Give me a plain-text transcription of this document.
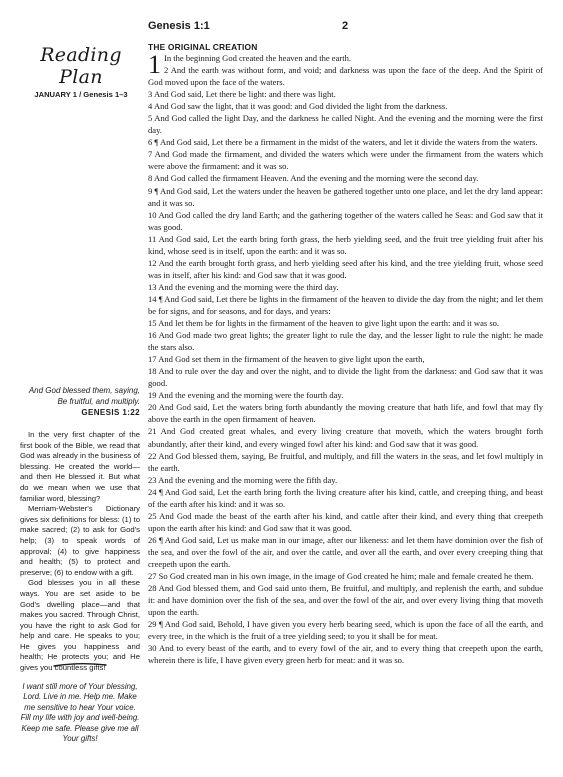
Genesis 1:1	2
Reading Plan
JANUARY 1 / Genesis 1–3
And God blessed them, saying, Be fruitful, and multiply.
GENESIS 1:22

In the very first chapter of the first book of the Bible, we read that God was already in the business of blessing. He created the world—and then He blessed it. But what do we mean when we use that familiar word, blessing?

Merriam-Webster's Dictionary gives six definitions for bless: (1) to make sacred; (2) to ask for God's help; (3) to speak words of approval; (4) to give happiness and health; (5) to protect and preserve; (6) to endow with a gift.

God blesses you in all these ways. You are set aside to be God's dwelling place—and that makes you sacred. Through Christ, you have the right to ask God for help and care. He speaks to you; He gives you happiness and health; He protects you; and He gives you countless gifts!

I want still more of Your blessing, Lord. Live in me. Help me. Make me sensitive to hear Your voice. Fill my life with joy and well-being. Keep me safe. Please give me all Your gifts!
THE ORIGINAL CREATION
1 In the beginning God created the heaven and the earth.
2 And the earth was without form, and void; and darkness was upon the face of the deep. And the Spirit of God moved upon the face of the waters.
3 And God said, Let there be light: and there was light.
4 And God saw the light, that it was good: and God divided the light from the darkness.
5 And God called the light Day, and the darkness he called Night. And the evening and the morning were the first day.
6 ¶ And God said, Let there be a firmament in the midst of the waters, and let it divide the waters from the waters.
7 And God made the firmament, and divided the waters which were under the firmament from the waters which were above the firmament: and it was so.
8 And God called the firmament Heaven. And the evening and the morning were the second day.
9 ¶ And God said, Let the waters under the heaven be gathered together unto one place, and let the dry land appear: and it was so.
10 And God called the dry land Earth; and the gathering together of the waters called he Seas: and God saw that it was good.
11 And God said, Let the earth bring forth grass, the herb yielding seed, and the fruit tree yielding fruit after his kind, whose seed is in itself, upon the earth: and it was so.
12 And the earth brought forth grass, and herb yielding seed after his kind, and the tree yielding fruit, whose seed was in itself, after his kind: and God saw that it was good.
13 And the evening and the morning were the third day.
14 ¶ And God said, Let there be lights in the firmament of the heaven to divide the day from the night; and let them be for signs, and for seasons, and for days, and years:
15 And let them be for lights in the firmament of the heaven to give light upon the earth: and it was so.
16 And God made two great lights; the greater light to rule the day, and the lesser light to rule the night: he made the stars also.
17 And God set them in the firmament of the heaven to give light upon the earth,
18 And to rule over the day and over the night, and to divide the light from the darkness: and God saw that it was good.
19 And the evening and the morning were the fourth day.
20 And God said, Let the waters bring forth abundantly the moving creature that hath life, and fowl that may fly above the earth in the open firmament of heaven.
21 And God created great whales, and every living creature that moveth, which the waters brought forth abundantly, after their kind, and every winged fowl after his kind: and God saw that it was good.
22 And God blessed them, saying, Be fruitful, and multiply, and fill the waters in the seas, and let fowl multiply in the earth.
23 And the evening and the morning were the fifth day.
24 ¶ And God said, Let the earth bring forth the living creature after his kind, cattle, and creeping thing, and beast of the earth after his kind: and it was so.
25 And God made the beast of the earth after his kind, and cattle after their kind, and every thing that creepeth upon the earth after his kind: and God saw that it was good.
26 ¶ And God said, Let us make man in our image, after our likeness: and let them have dominion over the fish of the sea, and over the fowl of the air, and over the cattle, and over all the earth, and over every creeping thing that creepeth upon the earth.
27 So God created man in his own image, in the image of God created he him; male and female created he them.
28 And God blessed them, and God said unto them, Be fruitful, and multiply, and replenish the earth, and subdue it: and have dominion over the fish of the sea, and over the fowl of the air, and over every living thing that moveth upon the earth.
29 ¶ And God said, Behold, I have given you every herb bearing seed, which is upon the face of all the earth, and every tree, in the which is the fruit of a tree yielding seed; to you it shall be for meat.
30 And to every beast of the earth, and to every fowl of the air, and to every thing that creepeth upon the earth, wherein there is life, I have given every green herb for meat: and it was so.
